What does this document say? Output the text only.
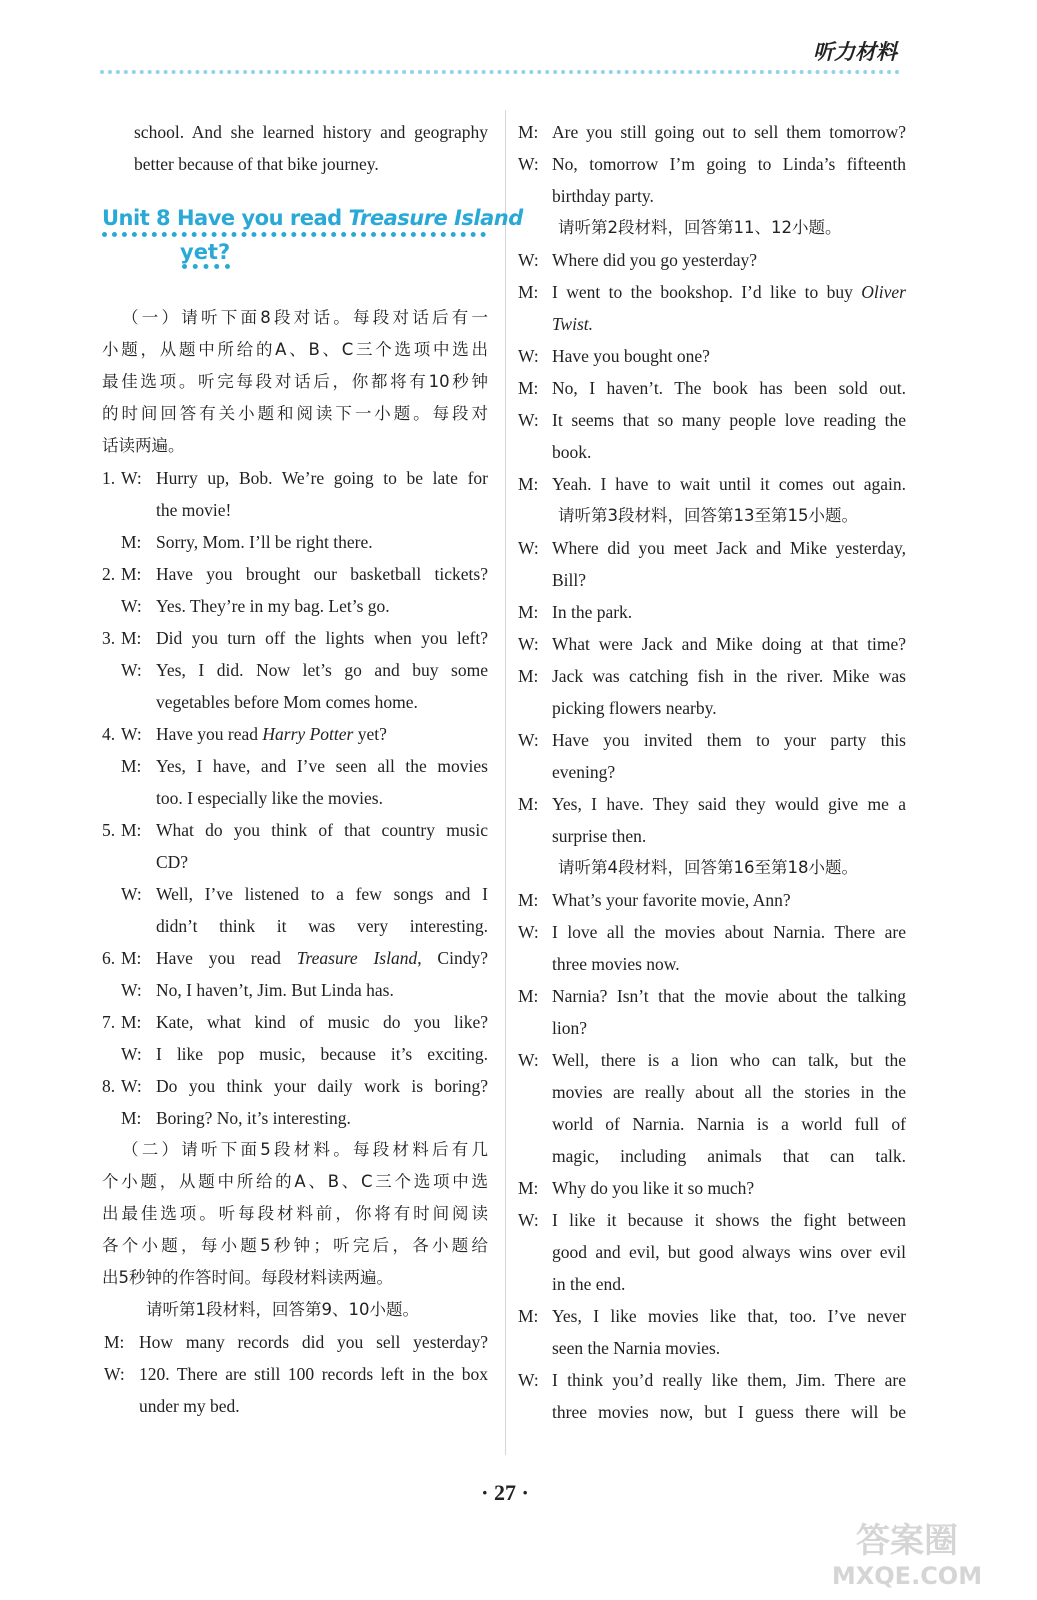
听力材料
school. And she learned history and geography
better because of that bike journey.
Unit 8 Have you read Treasure Island
yet?
（一）请听下面8段对话。每段对话后有一
小题，从题中所给的A、B、C三个选项中选出
最佳选项。听完每段对话后，你都将有10秒钟
的时间回答有关小题和阅读下一小题。每段对
话读两遍。
1. W: Hurry up, Bob. We’re going to be late for
the movie!
M: Sorry, Mom. I’ll be right there.
2. M: Have you brought our basketball tickets?
W: Yes. They’re in my bag. Let’s go.
3. M: Did you turn off the lights when you left?
W: Yes, I did. Now let’s go and buy some
vegetables before Mom comes home.
4. W: Have you read Harry Potter yet?
M: Yes, I have, and I’ve seen all the movies
too. I especially like the movies.
5. M: What do you think of that country music
CD?
W: Well, I’ve listened to a few songs and I
didn’t think it was very interesting.
6. M: Have you read Treasure Island, Cindy?
W: No, I haven’t, Jim. But Linda has.
7. M: Kate, what kind of music do you like?
W: I like pop music, because it’s exciting.
8. W: Do you think your daily work is boring?
M: Boring? No, it’s interesting.
（二）请听下面5段材料。每段材料后有几
个小题，从题中所给的A、B、C三个选项中选
出最佳选项。听每段材料前，你将有时间阅读
各个小题，每小题5秒钟；听完后，各小题给
出5秒钟的作答时间。每段材料读两遍。
请听第1段材料，回答第9、10小题。
M: How many records did you sell yesterday?
W: 120. There are still 100 records left in the box
under my bed.
M: Are you still going out to sell them tomorrow?
W: No, tomorrow I’m going to Linda’s fifteenth
birthday party.
请听第2段材料，回答第11、12小题。
W: Where did you go yesterday?
M: I went to the bookshop. I’d like to buy Oliver
Twist.
W: Have you bought one?
M: No, I haven’t. The book has been sold out.
W: It seems that so many people love reading the
book.
M: Yeah. I have to wait until it comes out again.
请听第3段材料，回答第13至第15小题。
W: Where did you meet Jack and Mike yesterday,
Bill?
M: In the park.
W: What were Jack and Mike doing at that time?
M: Jack was catching fish in the river. Mike was
picking flowers nearby.
W: Have you invited them to your party this
evening?
M: Yes, I have. They said they would give me a
surprise then.
请听第4段材料，回答第16至第18小题。
M: What’s your favorite movie, Ann?
W: I love all the movies about Narnia. There are
three movies now.
M: Narnia? Isn’t that the movie about the talking
lion?
W: Well, there is a lion who can talk, but the
movies are really about all the stories in the
world of Narnia. Narnia is a world full of
magic, including animals that can talk.
M: Why do you like it so much?
W: I like it because it shows the fight between
good and evil, but good always wins over evil
in the end.
M: Yes, I like movies like that, too. I’ve never
seen the Narnia movies.
W: I think you’d really like them, Jim. There are
three movies now, but I guess there will be
· 27 ·
答案圈
MXQE.COM
